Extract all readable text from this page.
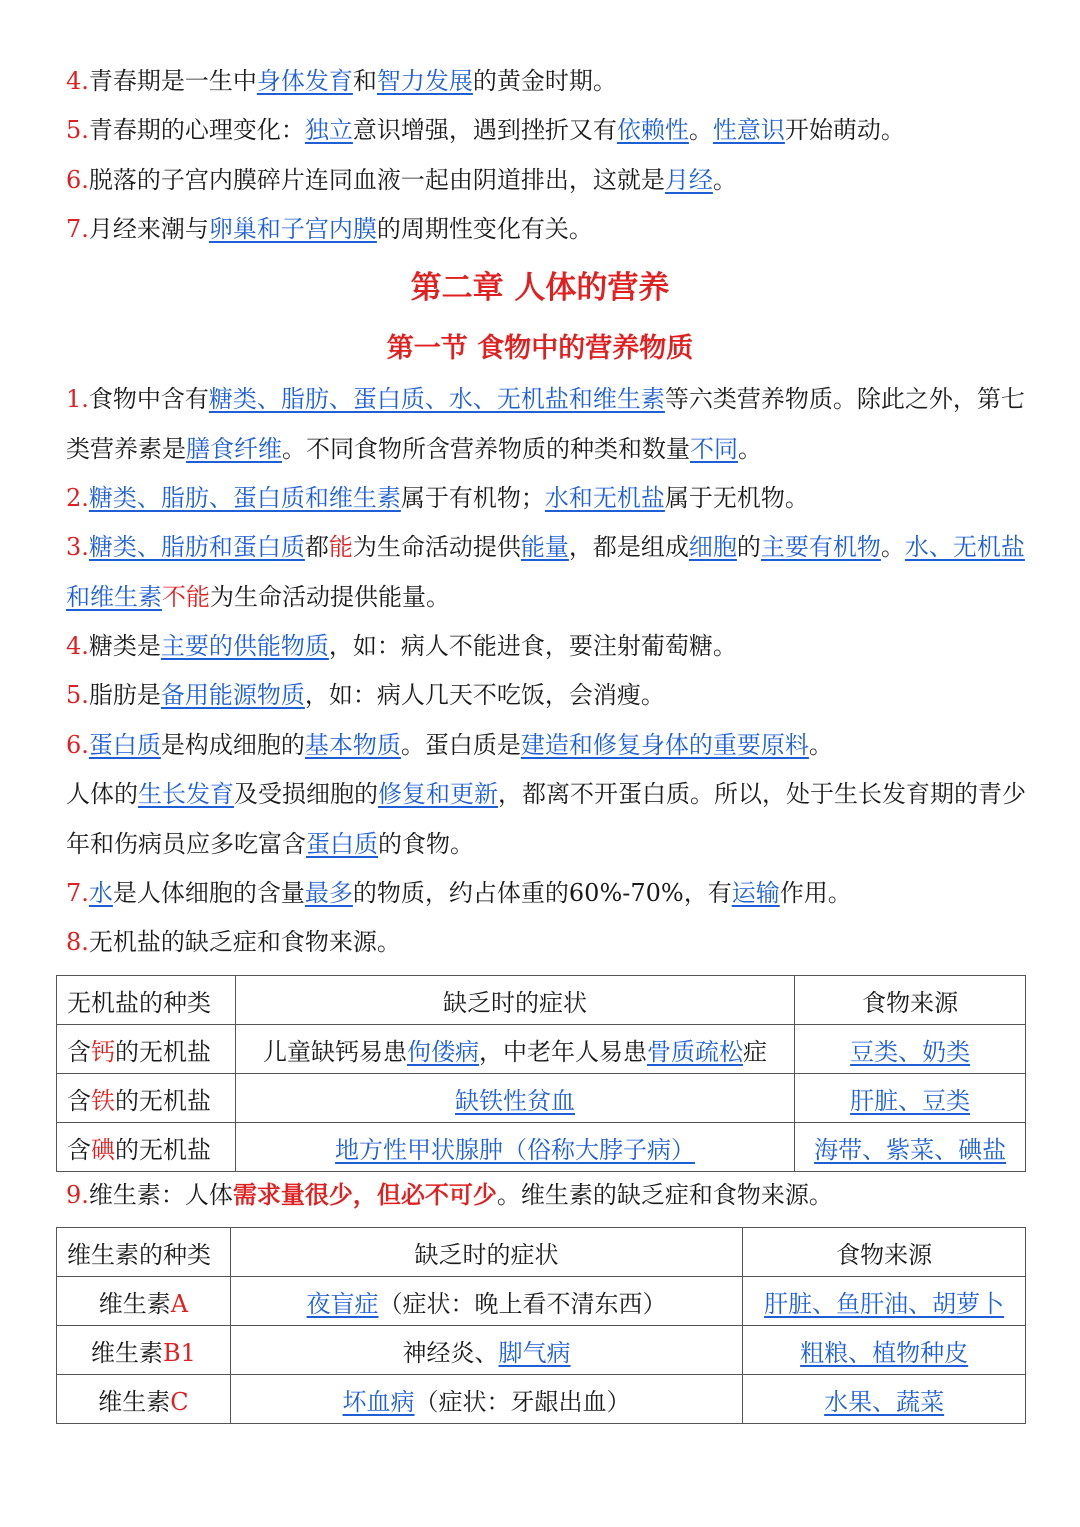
4.青春期是一生中身体发育和智力发展的黄金时期。
5.青春期的心理变化：独立意识增强，遇到挫折又有依赖性。性意识开始萌动。
6.脱落的子宫内膜碎片连同血液一起由阴道排出，这就是月经。
7.月经来潮与卵巢和子宫内膜的周期性变化有关。
第二章 人体的营养
第一节 食物中的营养物质
1.食物中含有糖类、脂肪、蛋白质、水、无机盐和维生素等六类营养物质。除此之外，第七类营养素是膳食纤维。不同食物所含营养物质的种类和数量不同。
2.糖类、脂肪、蛋白质和维生素属于有机物；水和无机盐属于无机物。
3.糖类、脂肪和蛋白质都能为生命活动提供能量，都是组成细胞的主要有机物。水、无机盐和维生素不能为生命活动提供能量。
4.糖类是主要的供能物质，如：病人不能进食，要注射葡萄糖。
5.脂肪是备用能源物质，如：病人几天不吃饭，会消瘦。
6.蛋白质是构成细胞的基本物质。蛋白质是建造和修复身体的重要原料。
人体的生长发育及受损细胞的修复和更新，都离不开蛋白质。所以，处于生长发育期的青少年和伤病员应多吃富含蛋白质的食物。
7.水是人体细胞的含量最多的物质，约占体重的60%-70%，有运输作用。
8.无机盐的缺乏症和食物来源。
无机盐的种类	缺乏时的症状	食物来源
含钙的无机盐	儿童缺钙易患佝偻病，中老年人易患骨质疏松症	豆类、奶类
含铁的无机盐	缺铁性贫血	肝脏、豆类
含碘的无机盐	地方性甲状腺肿（俗称大脖子病）	海带、紫菜、碘盐
9.维生素：人体需求量很少，但必不可少。维生素的缺乏症和食物来源。
维生素的种类	缺乏时的症状	食物来源
维生素A	夜盲症（症状：晚上看不清东西）	肝脏、鱼肝油、胡萝卜
维生素B1	神经炎、脚气病	粗粮、植物种皮
维生素C	坏血病（症状：牙龈出血）	水果、蔬菜
